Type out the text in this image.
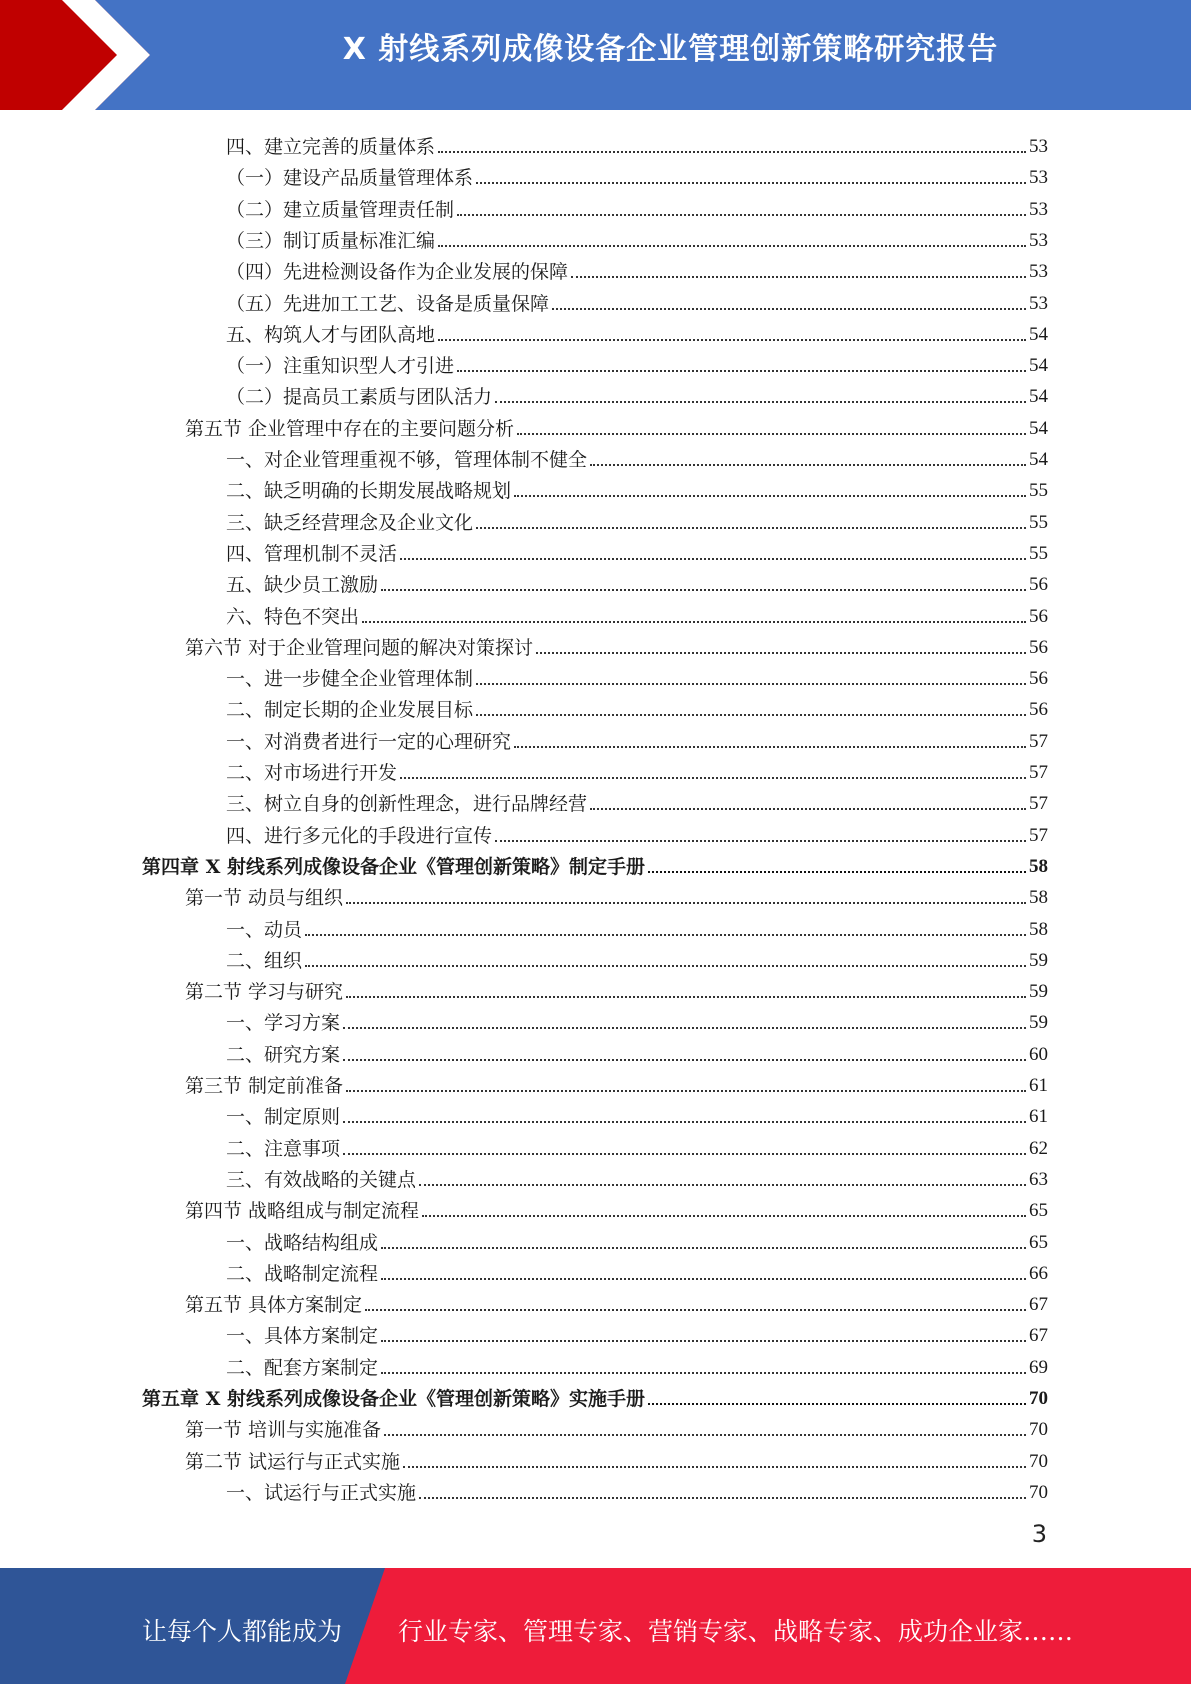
X 射线系列成像设备企业管理创新策略研究报告
四、建立完善的质量体系	53
（一）建设产品质量管理体系	53
（二）建立质量管理责任制	53
（三）制订质量标准汇编	53
（四）先进检测设备作为企业发展的保障	53
（五）先进加工工艺、设备是质量保障	53
五、构筑人才与团队高地	54
（一）注重知识型人才引进	54
（二）提高员工素质与团队活力	54
第五节 企业管理中存在的主要问题分析	54
一、对企业管理重视不够，管理体制不健全	54
二、缺乏明确的长期发展战略规划	55
三、缺乏经营理念及企业文化	55
四、管理机制不灵活	55
五、缺少员工激励	56
六、特色不突出	56
第六节 对于企业管理问题的解决对策探讨	56
一、进一步健全企业管理体制	56
二、制定长期的企业发展目标	56
一、对消费者进行一定的心理研究	57
二、对市场进行开发	57
三、树立自身的创新性理念，进行品牌经营	57
四、进行多元化的手段进行宣传	57
第四章 X 射线系列成像设备企业《管理创新策略》制定手册	58
第一节 动员与组织	58
一、动员	58
二、组织	59
第二节 学习与研究	59
一、学习方案	59
二、研究方案	60
第三节 制定前准备	61
一、制定原则	61
二、注意事项	62
三、有效战略的关键点	63
第四节 战略组成与制定流程	65
一、战略结构组成	65
二、战略制定流程	66
第五节 具体方案制定	67
一、具体方案制定	67
二、配套方案制定	69
第五章 X 射线系列成像设备企业《管理创新策略》实施手册	70
第一节 培训与实施准备	70
第二节 试运行与正式实施	70
一、试运行与正式实施	70
3
让每个人都能成为 行业专家、管理专家、营销专家、战略专家、成功企业家……
